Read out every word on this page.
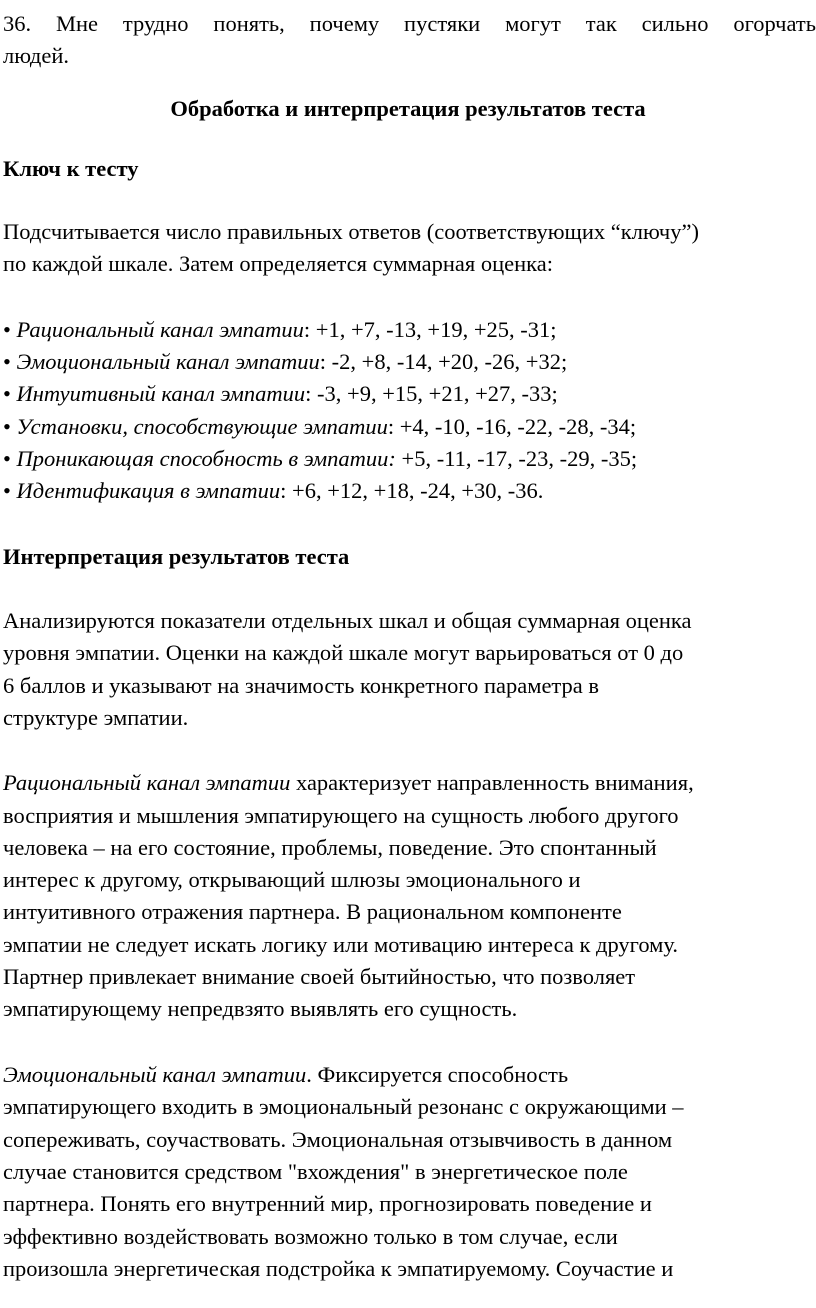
36. Мне трудно понять, почему пустяки могут так сильно огорчать
людей.
Обработка и интерпретация результатов теста
Ключ к тесту
Подсчитывается число правильных ответов (соответствующих “ключу”)
по каждой шкале. Затем определяется суммарная оценка:
• Рациональный канал эмпатии: +1, +7, -13, +19, +25, -31;
• Эмоциональный канал эмпатии: -2, +8, -14, +20, -26, +32;
• Интуитивный канал эмпатии: -3, +9, +15, +21, +27, -33;
• Установки, способствующие эмпатии: +4, -10, -16, -22, -28, -34;
• Проникающая способность в эмпатии: +5, -11, -17, -23, -29, -35;
• Идентификация в эмпатии: +6, +12, +18, -24, +30, -36.
Интерпретация результатов теста
Анализируются показатели отдельных шкал и общая суммарная оценка
уровня эмпатии. Оценки на каждой шкале могут варьироваться от 0 до
6 баллов и указывают на значимость конкретного параметра в
структуре эмпатии.
Рациональный канал эмпатии характеризует направленность внимания,
восприятия и мышления эмпатирующего на сущность любого другого
человека – на его состояние, проблемы, поведение. Это спонтанный
интерес к другому, открывающий шлюзы эмоционального и
интуитивного отражения партнера. В рациональном компоненте
эмпатии не следует искать логику или мотивацию интереса к другому.
Партнер привлекает внимание своей бытийностью, что позволяет
эмпатирующему непредвзято выявлять его сущность.
Эмоциональный канал эмпатии. Фиксируется способность
эмпатирующего входить в эмоциональный резонанс с окружающими –
сопереживать, соучаствовать. Эмоциональная отзывчивость в данном
случае становится средством "вхождения" в энергетическое поле
партнера. Понять его внутренний мир, прогнозировать поведение и
эффективно воздействовать возможно только в том случае, если
произошла энергетическая подстройка к эмпатируемому. Соучастие и
